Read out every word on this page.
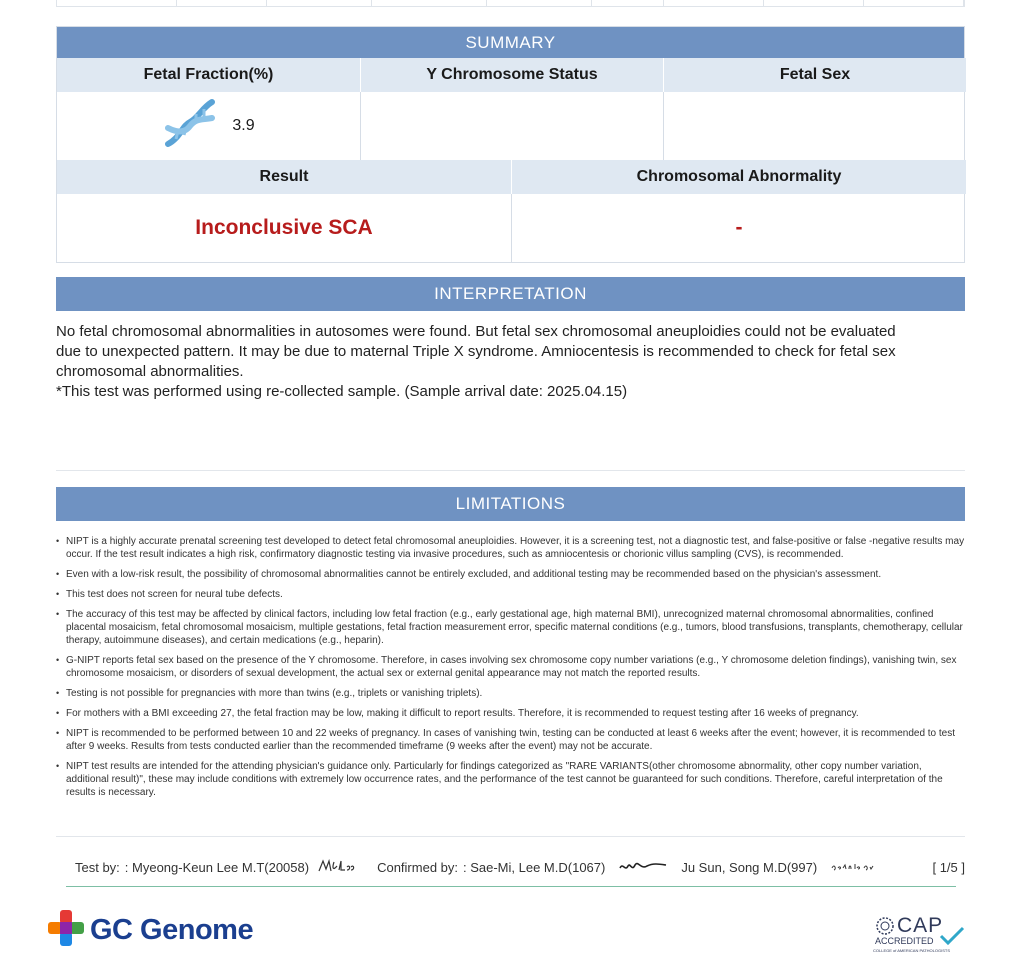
SUMMARY
Fetal Fraction(%)	Y Chromosome Status	Fetal Sex
3.9
Result	Chromosomal Abnormality
Inconclusive SCA	-
INTERPRETATION
No fetal chromosomal abnormalities in autosomes were found. But fetal sex chromosomal aneuploidies could not be evaluated
due to unexpected pattern. It may be due to maternal Triple X syndrome. Amniocentesis is recommended to check for fetal sex
chromosomal abnormalities.
*This test was performed using re-collected sample. (Sample arrival date: 2025.04.15)
LIMITATIONS
• NIPT is a highly accurate prenatal screening test developed to detect fetal chromosomal aneuploidies. However, it is a screening test, not a diagnostic test, and false-positive or false -negative results may occur. If the test result indicates a high risk, confirmatory diagnostic testing via invasive procedures, such as amniocentesis or chorionic villus sampling (CVS), is recommended.
• Even with a low-risk result, the possibility of chromosomal abnormalities cannot be entirely excluded, and additional testing may be recommended based on the physician's assessment.
• This test does not screen for neural tube defects.
• The accuracy of this test may be affected by clinical factors, including low fetal fraction (e.g., early gestational age, high maternal BMI), unrecognized maternal chromosomal abnormalities, confined placental mosaicism, fetal chromosomal mosaicism, multiple gestations, fetal fraction measurement error, specific maternal conditions (e.g., tumors, blood transfusions, transplants, chemotherapy, cellular therapy, autoimmune diseases), and certain medications (e.g., heparin).
• G-NIPT reports fetal sex based on the presence of the Y chromosome. Therefore, in cases involving sex chromosome copy number variations (e.g., Y chromosome deletion findings), vanishing twin, sex chromosome mosaicism, or disorders of sexual development, the actual sex or external genital appearance may not match the reported results.
• Testing is not possible for pregnancies with more than twins (e.g., triplets or vanishing triplets).
• For mothers with a BMI exceeding 27, the fetal fraction may be low, making it difficult to report results. Therefore, it is recommended to request testing after 16 weeks of pregnancy.
• NIPT is recommended to be performed between 10 and 22 weeks of pregnancy. In cases of vanishing twin, testing can be conducted at least 6 weeks after the event; however, it is recommended to test after 9 weeks. Results from tests conducted earlier than the recommended timeframe (9 weeks after the event) may not be accurate.
• NIPT test results are intended for the attending physician's guidance only. Particularly for findings categorized as "RARE VARIANTS(other chromosome abnormality, other copy number variation, additional result)", these may include conditions with extremely low occurrence rates, and the performance of the test cannot be guaranteed for such conditions. Therefore, careful interpretation of the results is necessary.
Test by: : Myeong-Keun Lee M.T(20058)	Confirmed by: : Sae-Mi, Lee M.D(1067)	Ju Sun, Song M.D(997)	[ 1/5 ]
GC Genome	CAP
ACCREDITED
COLLEGE of AMERICAN PATHOLOGISTS
